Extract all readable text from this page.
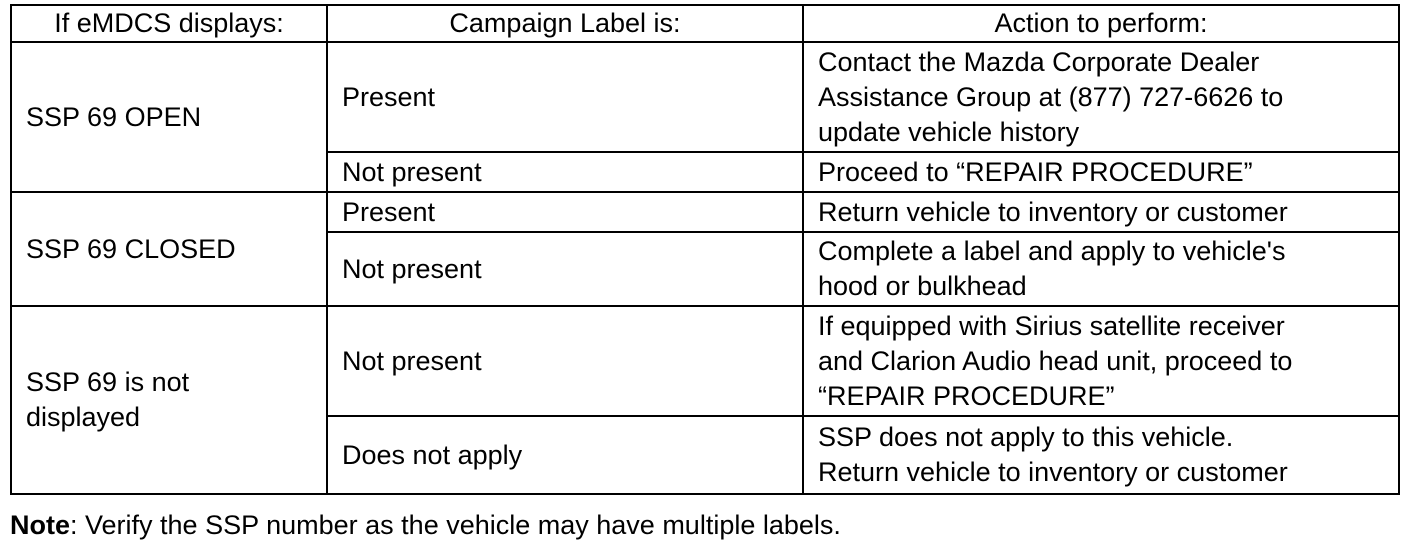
If eMDCS displays:	Campaign Label is:	Action to perform:
SSP 69 OPEN	Present	Contact the Mazda Corporate Dealer
Assistance Group at (877) 727-6626 to
update vehicle history

	Not present	Proceed to “REPAIR PROCEDURE”

SSP 69 CLOSED	Present	Return vehicle to inventory or customer

	Not present	Complete a label and apply to vehicle's
hood or bulkhead

SSP 69 is not
displayed	Not present	If equipped with Sirius satellite receiver
and Clarion Audio head unit, proceed to
“REPAIR PROCEDURE”

	Does not apply	SSP does not apply to this vehicle.
Return vehicle to inventory or customer
Note: Verify the SSP number as the vehicle may have multiple labels.
